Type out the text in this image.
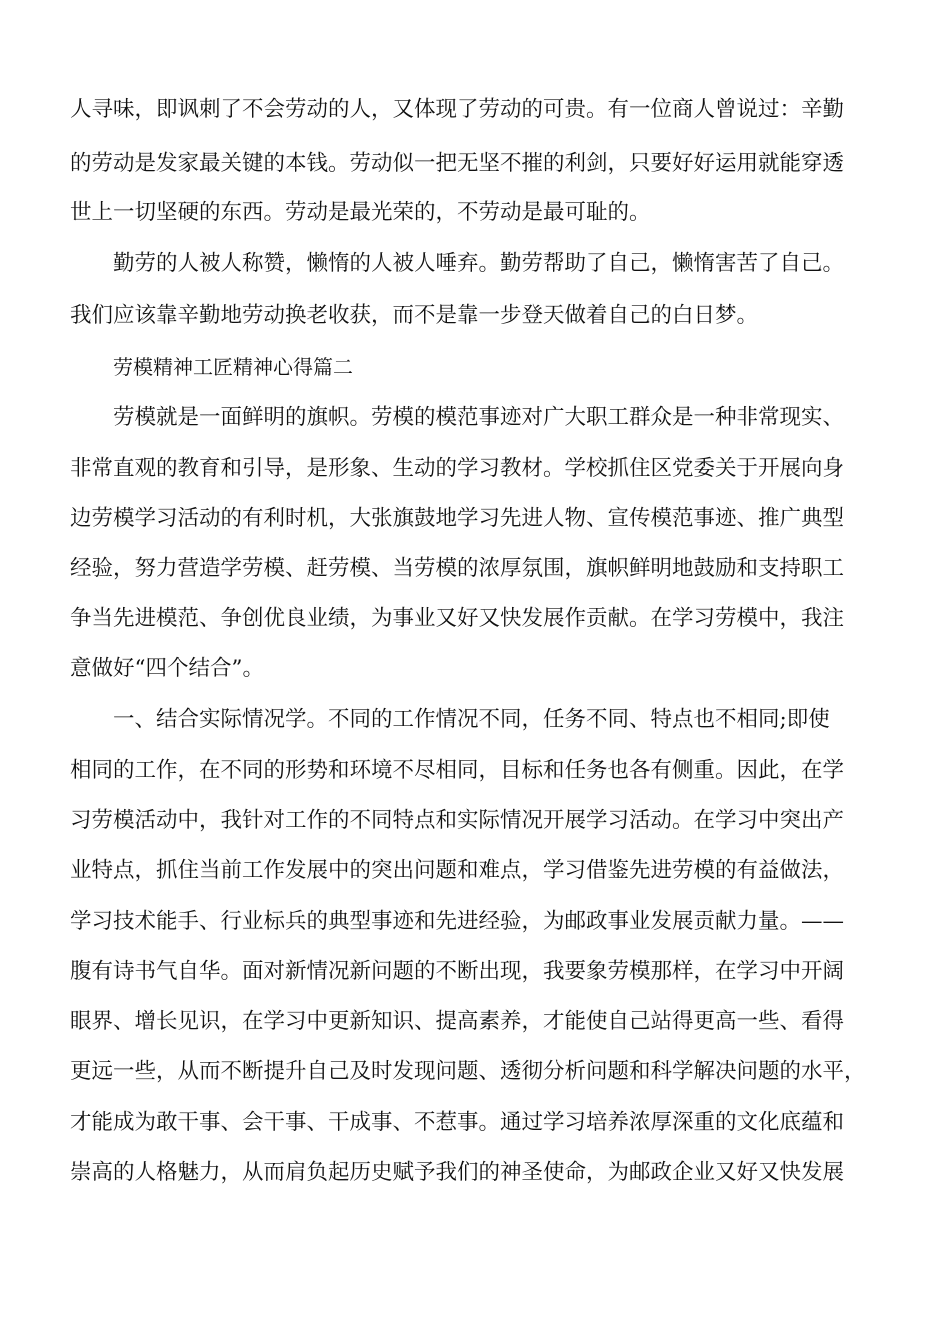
人寻味，即讽刺了不会劳动的人，又体现了劳动的可贵。有一位商人曾说过：辛勤
的劳动是发家最关键的本钱。劳动似一把无坚不摧的利剑，只要好好运用就能穿透
世上一切坚硬的东西。劳动是最光荣的，不劳动是最可耻的。
勤劳的人被人称赞，懒惰的人被人唾弃。勤劳帮助了自己，懒惰害苦了自己。
我们应该靠辛勤地劳动换老收获，而不是靠一步登天做着自己的白日梦。
劳模精神工匠精神心得篇二
劳模就是一面鲜明的旗帜。劳模的模范事迹对广大职工群众是一种非常现实、
非常直观的教育和引导，是形象、生动的学习教材。学校抓住区党委关于开展向身
边劳模学习活动的有利时机，大张旗鼓地学习先进人物、宣传模范事迹、推广典型
经验，努力营造学劳模、赶劳模、当劳模的浓厚氛围，旗帜鲜明地鼓励和支持职工
争当先进模范、争创优良业绩，为事业又好又快发展作贡献。在学习劳模中，我注
意做好“四个结合”。
一、结合实际情况学。不同的工作情况不同，任务不同、特点也不相同;即使
相同的工作，在不同的形势和环境不尽相同，目标和任务也各有侧重。因此，在学
习劳模活动中，我针对工作的不同特点和实际情况开展学习活动。在学习中突出产
业特点，抓住当前工作发展中的突出问题和难点，学习借鉴先进劳模的有益做法，
学习技术能手、行业标兵的典型事迹和先进经验，为邮政事业发展贡献力量。——
腹有诗书气自华。面对新情况新问题的不断出现，我要象劳模那样，在学习中开阔
眼界、增长见识，在学习中更新知识、提高素养，才能使自己站得更高一些、看得
更远一些，从而不断提升自己及时发现问题、透彻分析问题和科学解决问题的水平，
才能成为敢干事、会干事、干成事、不惹事。通过学习培养浓厚深重的文化底蕴和
崇高的人格魅力，从而肩负起历史赋予我们的神圣使命，为邮政企业又好又快发展
